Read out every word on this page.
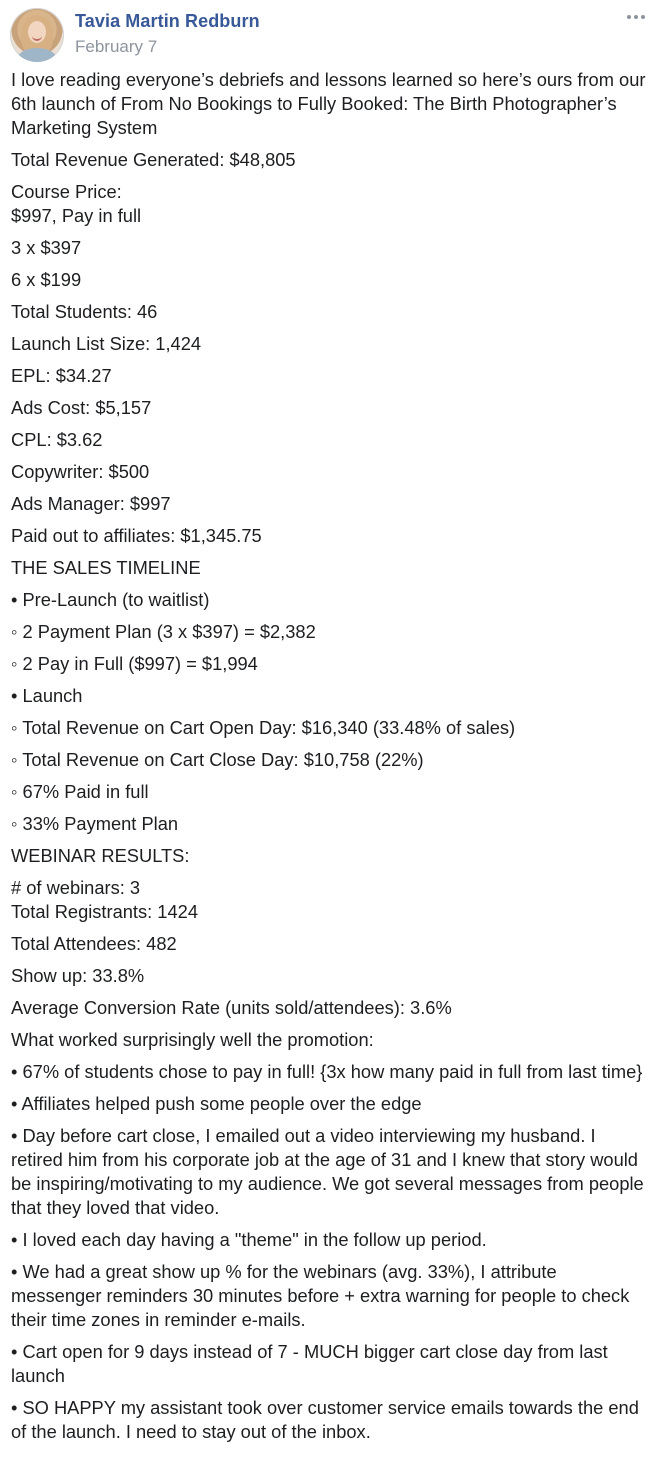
Tavia Martin Redburn
February 7

I love reading everyone’s debriefs and lessons learned so here’s ours from our 6th launch of From No Bookings to Fully Booked: The Birth Photographer’s Marketing System

Total Revenue Generated: $48,805

Course Price:
$997, Pay in full

3 x $397

6 x $199

Total Students: 46

Launch List Size: 1,424

EPL: $34.27

Ads Cost: $5,157

CPL: $3.62

Copywriter: $500

Ads Manager: $997

Paid out to affiliates: $1,345.75

THE SALES TIMELINE

• Pre-Launch (to waitlist)

◦ 2 Payment Plan (3 x $397) = $2,382

◦ 2 Pay in Full ($997) = $1,994

• Launch

◦ Total Revenue on Cart Open Day: $16,340 (33.48% of sales)

◦ Total Revenue on Cart Close Day: $10,758 (22%)

◦ 67% Paid in full

◦ 33% Payment Plan

WEBINAR RESULTS:

# of webinars: 3
Total Registrants: 1424

Total Attendees: 482

Show up: 33.8%

Average Conversion Rate (units sold/attendees): 3.6%

What worked surprisingly well the promotion:

• 67% of students chose to pay in full! {3x how many paid in full from last time}

• Affiliates helped push some people over the edge

• Day before cart close, I emailed out a video interviewing my husband. I retired him from his corporate job at the age of 31 and I knew that story would be inspiring/motivating to my audience. We got several messages from people that they loved that video.

• I loved each day having a "theme" in the follow up period.

• We had a great show up % for the webinars (avg. 33%), I attribute messenger reminders 30 minutes before + extra warning for people to check their time zones in reminder e-mails.

• Cart open for 9 days instead of 7 - MUCH bigger cart close day from last launch

• SO HAPPY my assistant took over customer service emails towards the end of the launch. I need to stay out of the inbox.
